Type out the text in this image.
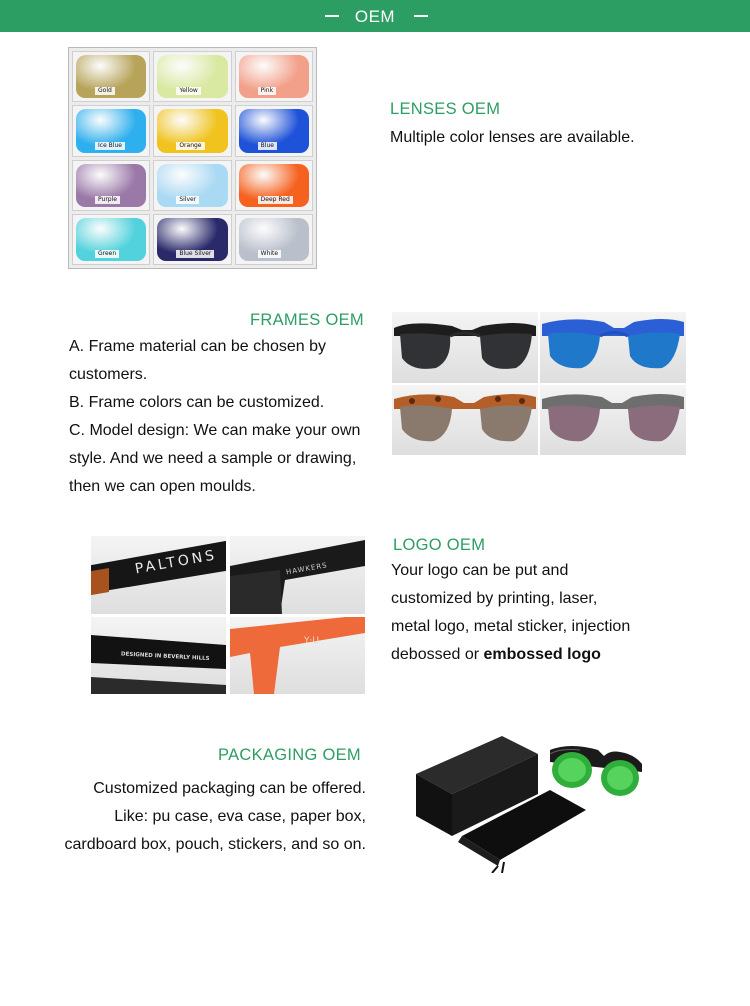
OEM
Gold	Yellow	Pink
Ice Blue	Orange	Blue
Purple	Silver	Deep Red
Green	Blue Silver	White
LENSES OEM
Multiple color lenses are available.
FRAMES OEM

A. Frame material can be chosen by

customers.

B. Frame colors can be customized.

C. Model design: We can make your own

style. And we need a sample or drawing,

then we can open moulds.

LOGO OEM

Your logo can be put and

customized by printing, laser,

metal logo, metal sticker, injection

debossed or embossed logo

PALTONS	HAWKERS
DESIGNED IN BEVERLY HILLS
Y·U
PACKAGING OEM

Customized packaging can be offered.

Like: pu case, eva case, paper box,

cardboard box, pouch, stickers, and so on.
